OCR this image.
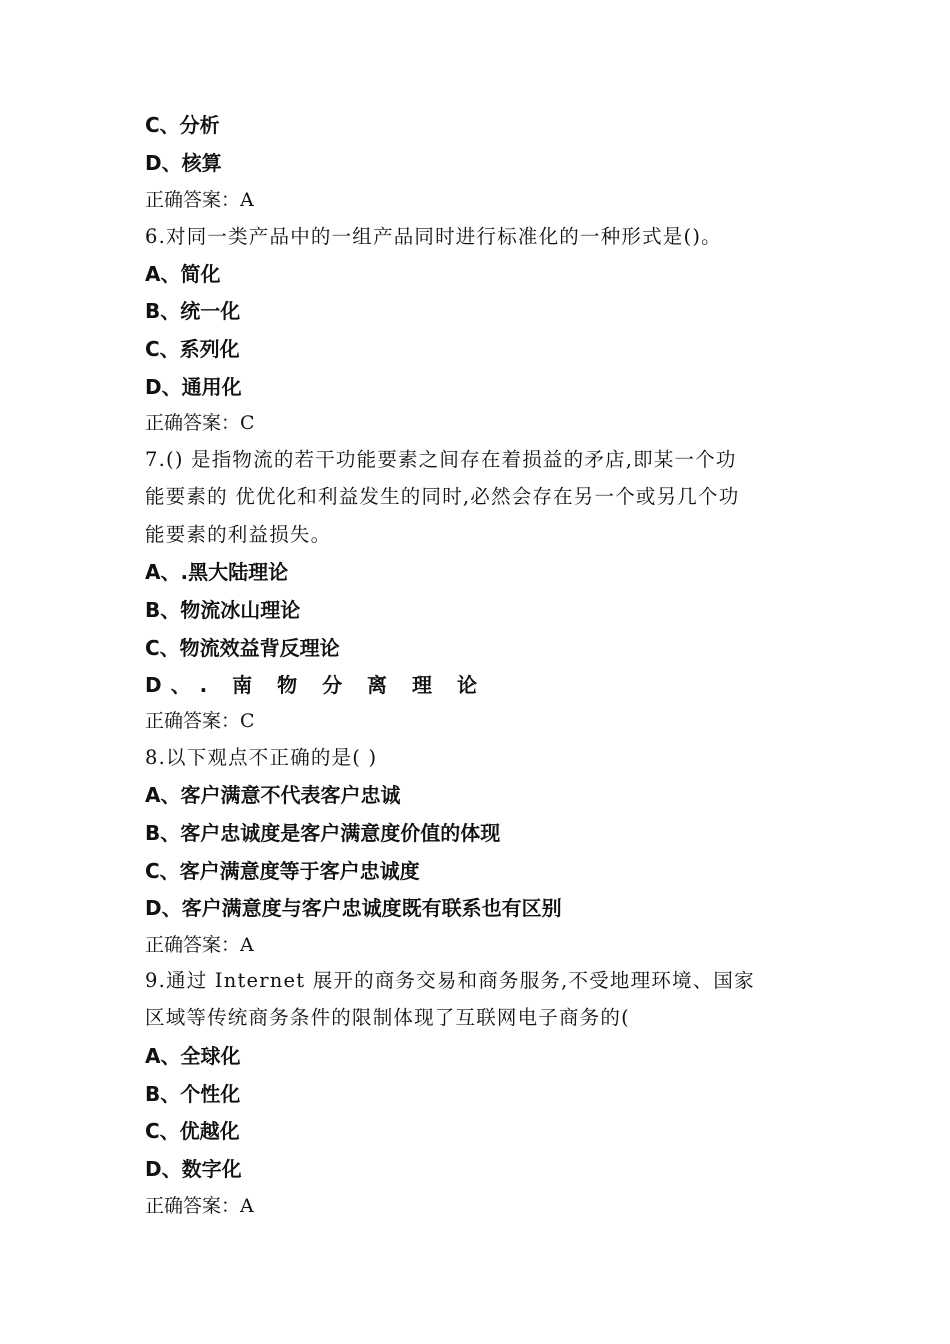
C、分析
D、核算
正确答案：A
6.对同一类产品中的一组产品同时进行标准化的一种形式是()。
A、简化
B、统一化
C、系列化
D、通用化
正确答案：C
7.() 是指物流的若干功能要素之间存在着损益的矛店,即某一个功
能要素的 优优化和利益发生的同时,必然会存在另一个或另几个功
能要素的利益损失。
A、.黑大陆理论
B、物流冰山理论
C、物流效益背反理论
D、. 南 物 分 离 理 论
正确答案：C
8.以下观点不正确的是( )
A、客户满意不代表客户忠诚
B、客户忠诚度是客户满意度价值的体现
C、客户满意度等于客户忠诚度
D、客户满意度与客户忠诚度既有联系也有区别
正确答案：A
9.通过 Internet 展开的商务交易和商务服务,不受地理环境、国家
区域等传统商务条件的限制体现了互联网电子商务的(
A、全球化
B、个性化
C、优越化
D、数字化
正确答案：A
